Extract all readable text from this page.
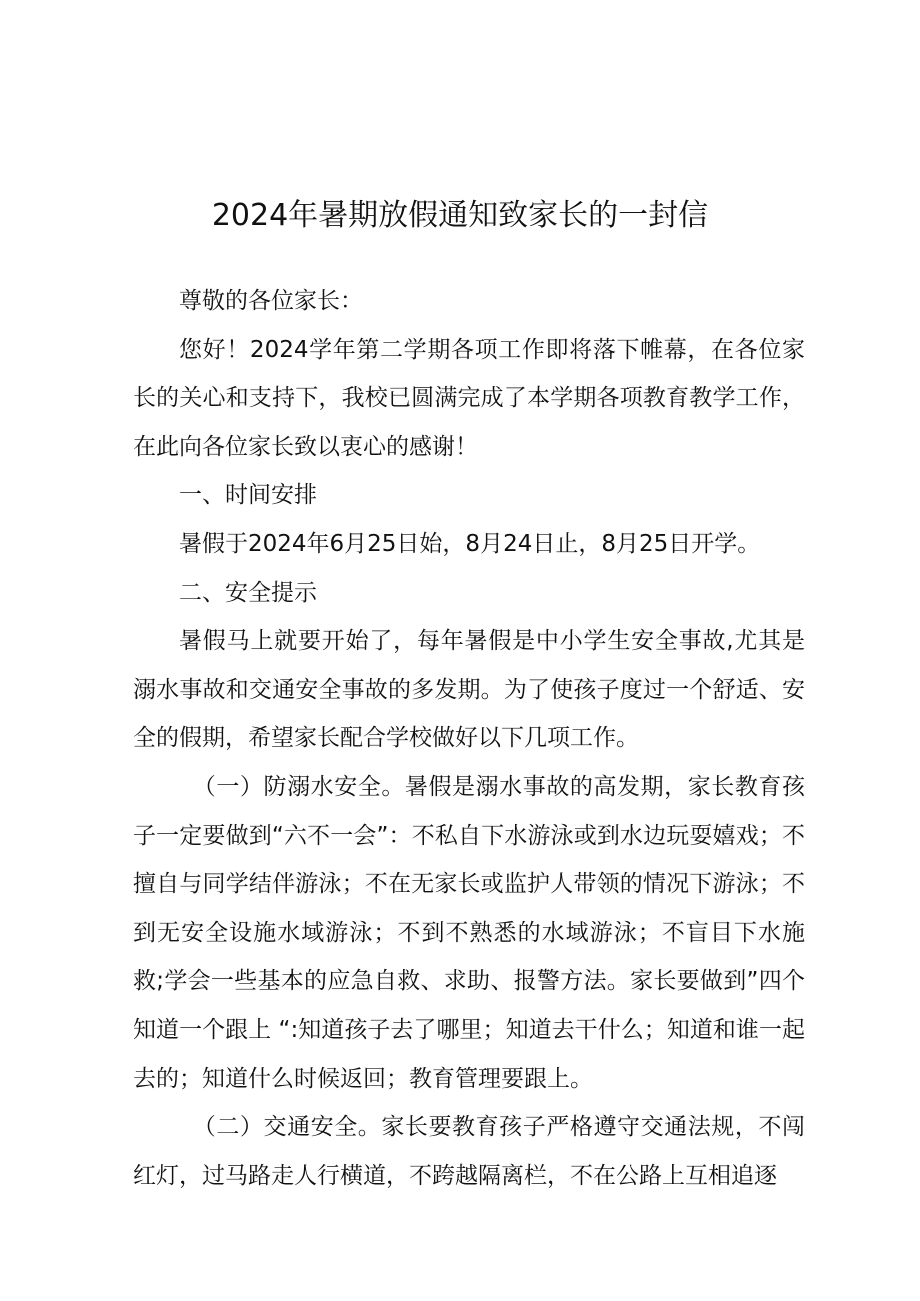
2024年暑期放假通知致家长的一封信

尊敬的各位家长：

您好！2024学年第二学期各项工作即将落下帷幕，在各位家长的关心和支持下，我校已圆满完成了本学期各项教育教学工作，在此向各位家长致以衷心的感谢！

一、时间安排

暑假于2024年6月25日始，8月24日止，8月25日开学。

二、安全提示

暑假马上就要开始了，每年暑假是中小学生安全事故,尤其是溺水事故和交通安全事故的多发期。为了使孩子度过一个舒适、安全的假期，希望家长配合学校做好以下几项工作。

（一）防溺水安全。暑假是溺水事故的高发期，家长教育孩子一定要做到“六不一会”：不私自下水游泳或到水边玩耍嬉戏；不擅自与同学结伴游泳；不在无家长或监护人带领的情况下游泳；不到无安全设施水域游泳；不到不熟悉的水域游泳；不盲目下水施救;学会一些基本的应急自救、求助、报警方法。家长要做到”四个知道一个跟上 “:知道孩子去了哪里；知道去干什么；知道和谁一起去的；知道什么时候返回；教育管理要跟上。

（二）交通安全。家长要教育孩子严格遵守交通法规，不闯红灯，过马路走人行横道，不跨越隔离栏，不在公路上互相追逐
